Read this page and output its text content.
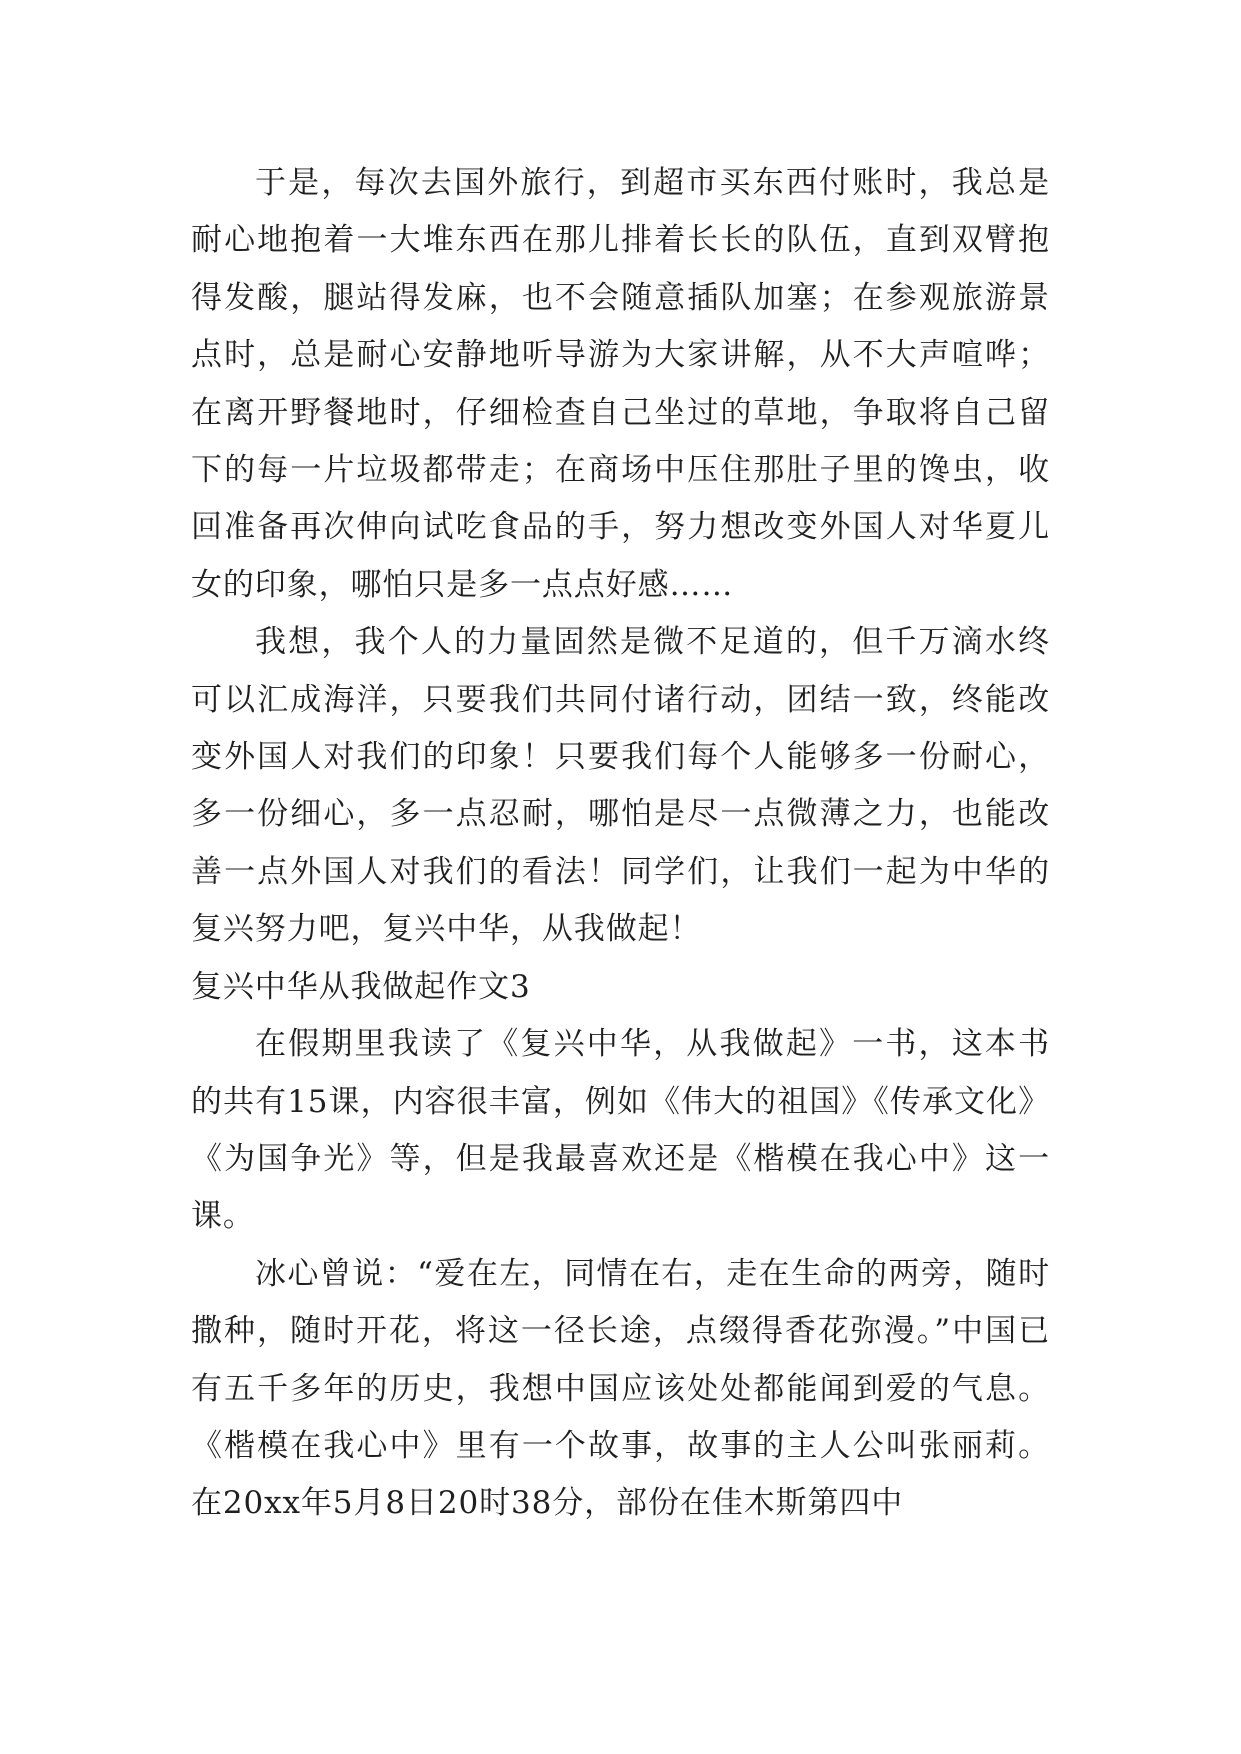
于是，每次去国外旅行，到超市买东西付账时，我总是耐心地抱着一大堆东西在那儿排着长长的队伍，直到双臂抱得发酸，腿站得发麻，也不会随意插队加塞；在参观旅游景点时，总是耐心安静地听导游为大家讲解，从不大声喧哗；在离开野餐地时，仔细检查自己坐过的草地，争取将自己留下的每一片垃圾都带走；在商场中压住那肚子里的馋虫，收回准备再次伸向试吃食品的手，努力想改变外国人对华夏儿女的印象，哪怕只是多一点点好感……

我想，我个人的力量固然是微不足道的，但千万滴水终可以汇成海洋，只要我们共同付诸行动，团结一致，终能改变外国人对我们的印象！只要我们每个人能够多一份耐心，多一份细心，多一点忍耐，哪怕是尽一点微薄之力，也能改善一点外国人对我们的看法！同学们，让我们一起为中华的复兴努力吧，复兴中华，从我做起！

复兴中华从我做起作文3

在假期里我读了《复兴中华，从我做起》一书，这本书的共有15课，内容很丰富，例如《伟大的祖国》《传承文化》《为国争光》等，但是我最喜欢还是《楷模在我心中》这一课。

冰心曾说：“爱在左，同情在右，走在生命的两旁，随时撒种，随时开花，将这一径长途，点缀得香花弥漫。”中国已有五千多年的历史，我想中国应该处处都能闻到爱的气息。《楷模在我心中》里有一个故事，故事的主人公叫张丽莉。在20xx年5月8日20时38分，部份在佳木斯第四中
